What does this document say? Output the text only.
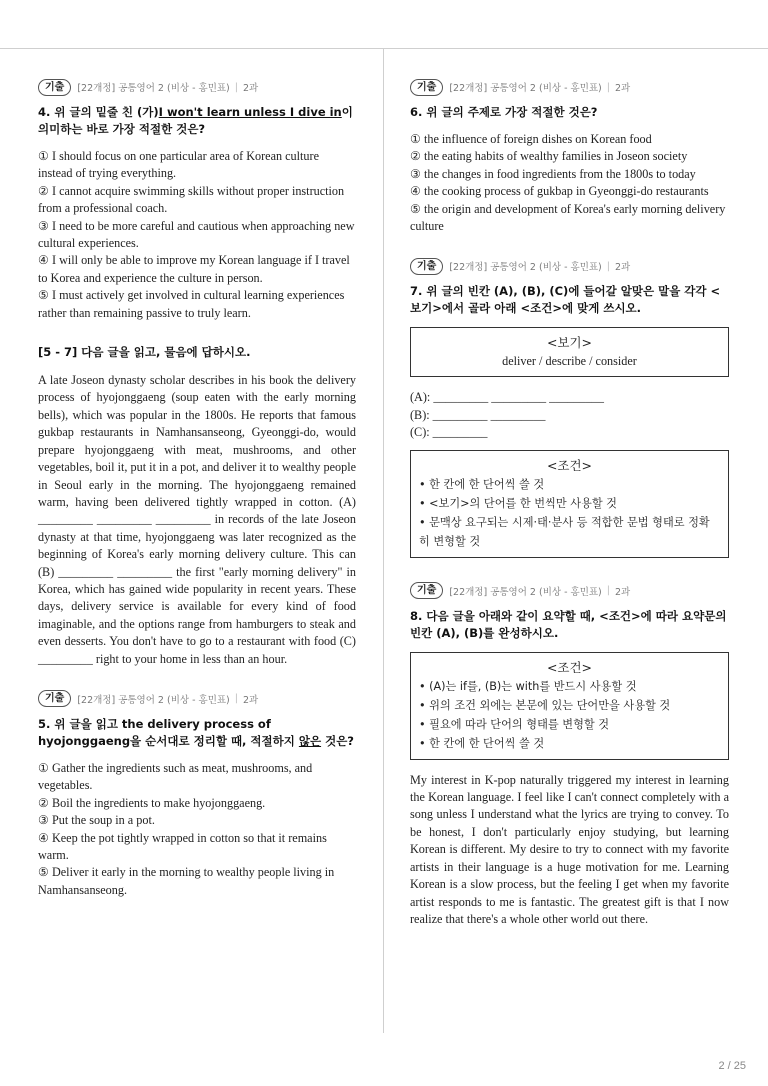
기출	[22개정] 공통영어 2 (비상 - 홍민표) | 2과
4. 위 글의 밑줄 친 (가)I won't learn unless I dive in이 의미하는 바로 가장 적절한 것은?

① I should focus on one particular area of Korean culture instead of trying everything.

② I cannot acquire swimming skills without proper instruction from a professional coach.

③ I need to be more careful and cautious when approaching new cultural experiences.

④ I will only be able to improve my Korean language if I travel to Korea and experience the culture in person.

⑤ I must actively get involved in cultural learning experiences rather than remaining passive to truly learn.

[5 - 7] 다음 글을 읽고, 물음에 답하시오.

A late Joseon dynasty scholar describes in his book the delivery process of hyojonggaeng (soup eaten with the early morning bells), which was popular in the 1800s. He reports that famous gukbap restaurants in Namhansanseong, Gyeonggi-do, would prepare hyojonggaeng with meat, mushrooms, and other vegetables, boil it, put it in a pot, and deliver it to wealthy people in Seoul early in the morning. The hyojonggaeng remained warm, having been delivered tightly wrapped in cotton. (A) _________ _________ _________ in records of the late Joseon dynasty at that time, hyojonggaeng was later recognized as the beginning of Korea's early morning delivery culture. This can (B) _________ _________ the first "early morning delivery" in Korea, which has gained wide popularity in recent years. These days, delivery service is available for every kind of food imaginable, and the options range from hamburgers to steak and even desserts. You don't have to go to a restaurant with food (C) _________ right to your home in less than an hour.

기출	[22개정] 공통영어 2 (비상 - 홍민표) | 2과
5. 위 글을 읽고 the delivery process of hyojonggaeng을 순서대로 정리할 때, 적절하지 않은 것은?

① Gather the ingredients such as meat, mushrooms, and vegetables.

② Boil the ingredients to make hyojonggaeng.

③ Put the soup in a pot.

④ Keep the pot tightly wrapped in cotton so that it remains warm.

⑤ Deliver it early in the morning to wealthy people living in Namhansanseong.

기출	[22개정] 공통영어 2 (비상 - 홍민표) | 2과
6. 위 글의 주제로 가장 적절한 것은?

① the influence of foreign dishes on Korean food

② the eating habits of wealthy families in Joseon society

③ the changes in food ingredients from the 1800s to today

④ the cooking process of gukbap in Gyeonggi-do restaurants

⑤ the origin and development of Korea's early morning delivery culture

기출	[22개정] 공통영어 2 (비상 - 홍민표) | 2과
7. 위 글의 빈칸 (A), (B), (C)에 들어갈 알맞은 말을 각각 <보기>에서 골라 아래 <조건>에 맞게 쓰시오.
<보기>
deliver / describe / consider

(A): _________ _________ _________

(B): _________ _________

(C): _________

<조건>

• 한 칸에 한 단어씩 쓸 것

• <보기>의 단어를 한 번씩만 사용할 것

• 문맥상 요구되는 시제·태·분사 등 적합한 문법 형태로 정확히 변형할 것

기출	[22개정] 공통영어 2 (비상 - 홍민표) | 2과
8. 다음 글을 아래와 같이 요약할 때, <조건>에 따라 요약문의 빈칸 (A), (B)를 완성하시오.
<조건>

• (A)는 if를, (B)는 with를 반드시 사용할 것

• 위의 조건 외에는 본문에 있는 단어만을 사용할 것

• 필요에 따라 단어의 형태를 변형할 것

• 한 칸에 한 단어씩 쓸 것

My interest in K-pop naturally triggered my interest in learning the Korean language. I feel like I can't connect completely with a song unless I understand what the lyrics are trying to convey. To be honest, I don't particularly enjoy studying, but learning Korean is different. My desire to try to connect with my favorite artists in their language is a huge motivation for me. Learning Korean is a slow process, but the feeling I get when my favorite artist responds to me is fantastic. The greatest gift is that I now realize that there's a whole other world out there.

2 / 25
